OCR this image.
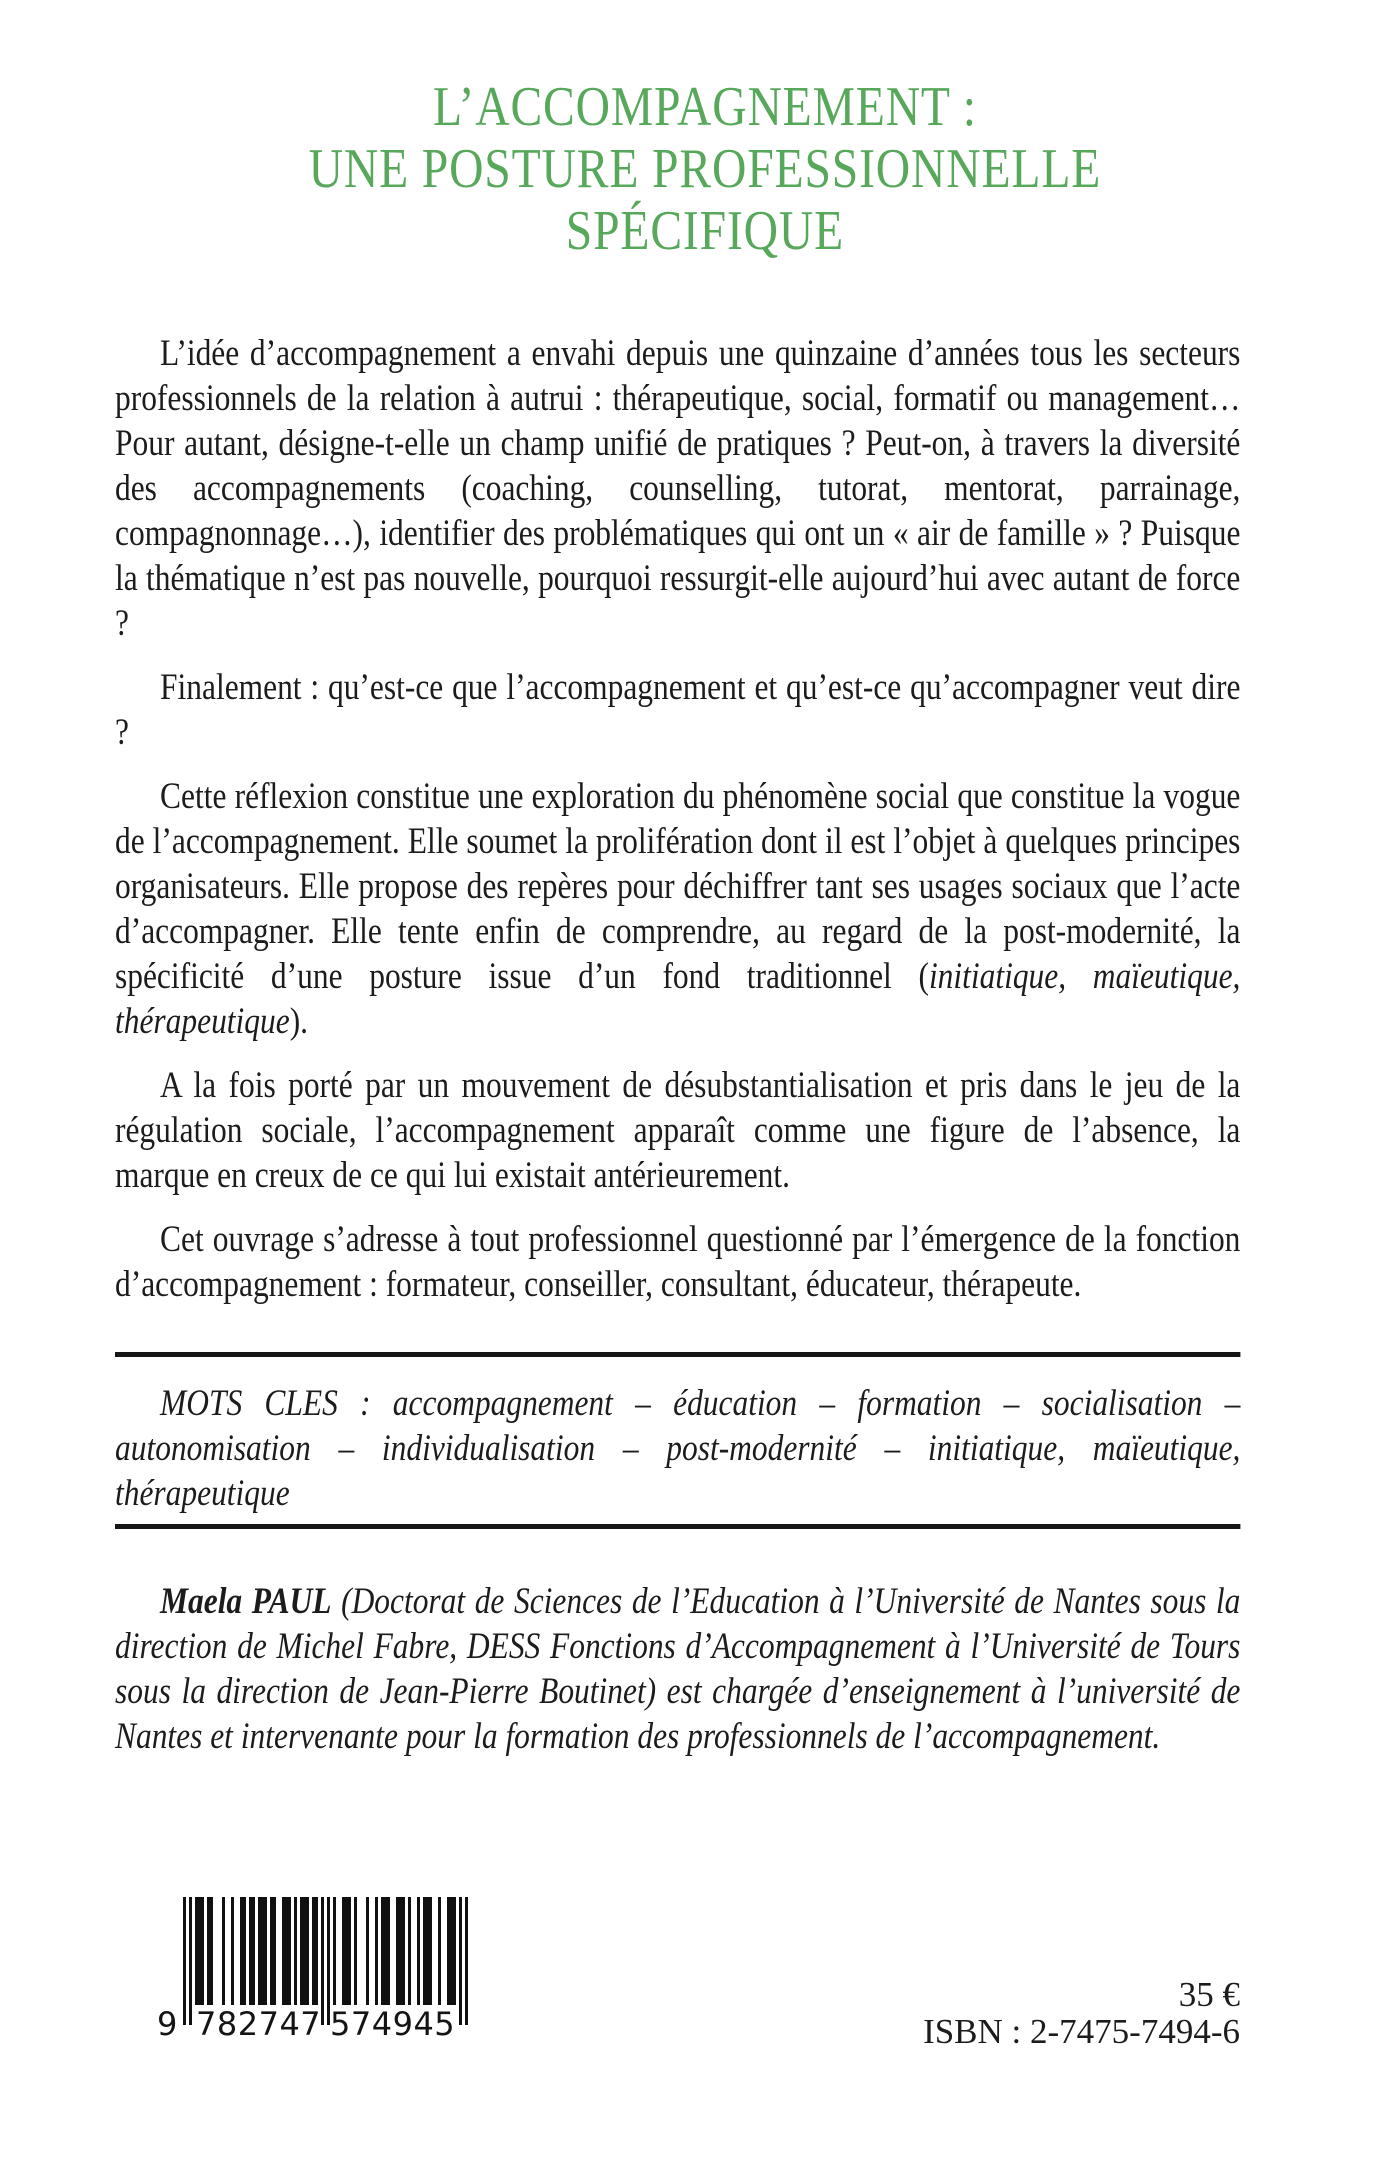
L’ACCOMPAGNEMENT :
UNE POSTURE PROFESSIONNELLE SPÉCIFIQUE

L’idée d’accompagnement a envahi depuis une quinzaine d’années tous les secteurs professionnels de la relation à autrui : thérapeutique, social, formatif ou management… Pour autant, désigne-t-elle un champ unifié de pratiques ? Peut-on, à travers la diversité des accompagnements (coaching, counselling, tutorat, mentorat, parrainage, compagnonnage…), identifier des problématiques qui ont un « air de famille » ? Puisque la thématique n’est pas nouvelle, pourquoi ressurgit-elle aujourd’hui avec autant de force ?

Finalement : qu’est-ce que l’accompagnement et qu’est-ce qu’accompagner veut dire ?

Cette réflexion constitue une exploration du phénomène social que constitue la vogue de l’accompagnement. Elle soumet la prolifération dont il est l’objet à quelques principes organisateurs. Elle propose des repères pour déchiffrer tant ses usages sociaux que l’acte d’accompagner. Elle tente enfin de comprendre, au regard de la post-modernité, la spécificité d’une posture issue d’un fond traditionnel (initiatique, maïeutique, thérapeutique).

A la fois porté par un mouvement de désubstantialisation et pris dans le jeu de la régulation sociale, l’accompagnement apparaît comme une figure de l’absence, la marque en creux de ce qui lui existait antérieurement.

Cet ouvrage s’adresse à tout professionnel questionné par l’émergence de la fonction d’accompagnement : formateur, conseiller, consultant, éducateur, thérapeute.

MOTS CLES : accompagnement – éducation – formation – socialisation – autonomisation – individualisation – post-modernité – initiatique, maïeutique, thérapeutique

Maela PAUL (Doctorat de Sciences de l’Education à l’Université de Nantes sous la direction de Michel Fabre, DESS Fonctions d’Accompagnement à l’Université de Tours sous la direction de Jean-Pierre Boutinet) est chargée d’enseignement à l’université de Nantes et intervenante pour la formation des professionnels de l’accompagnement.

9 782747 574945
35 €
ISBN : 2-7475-7494-6
